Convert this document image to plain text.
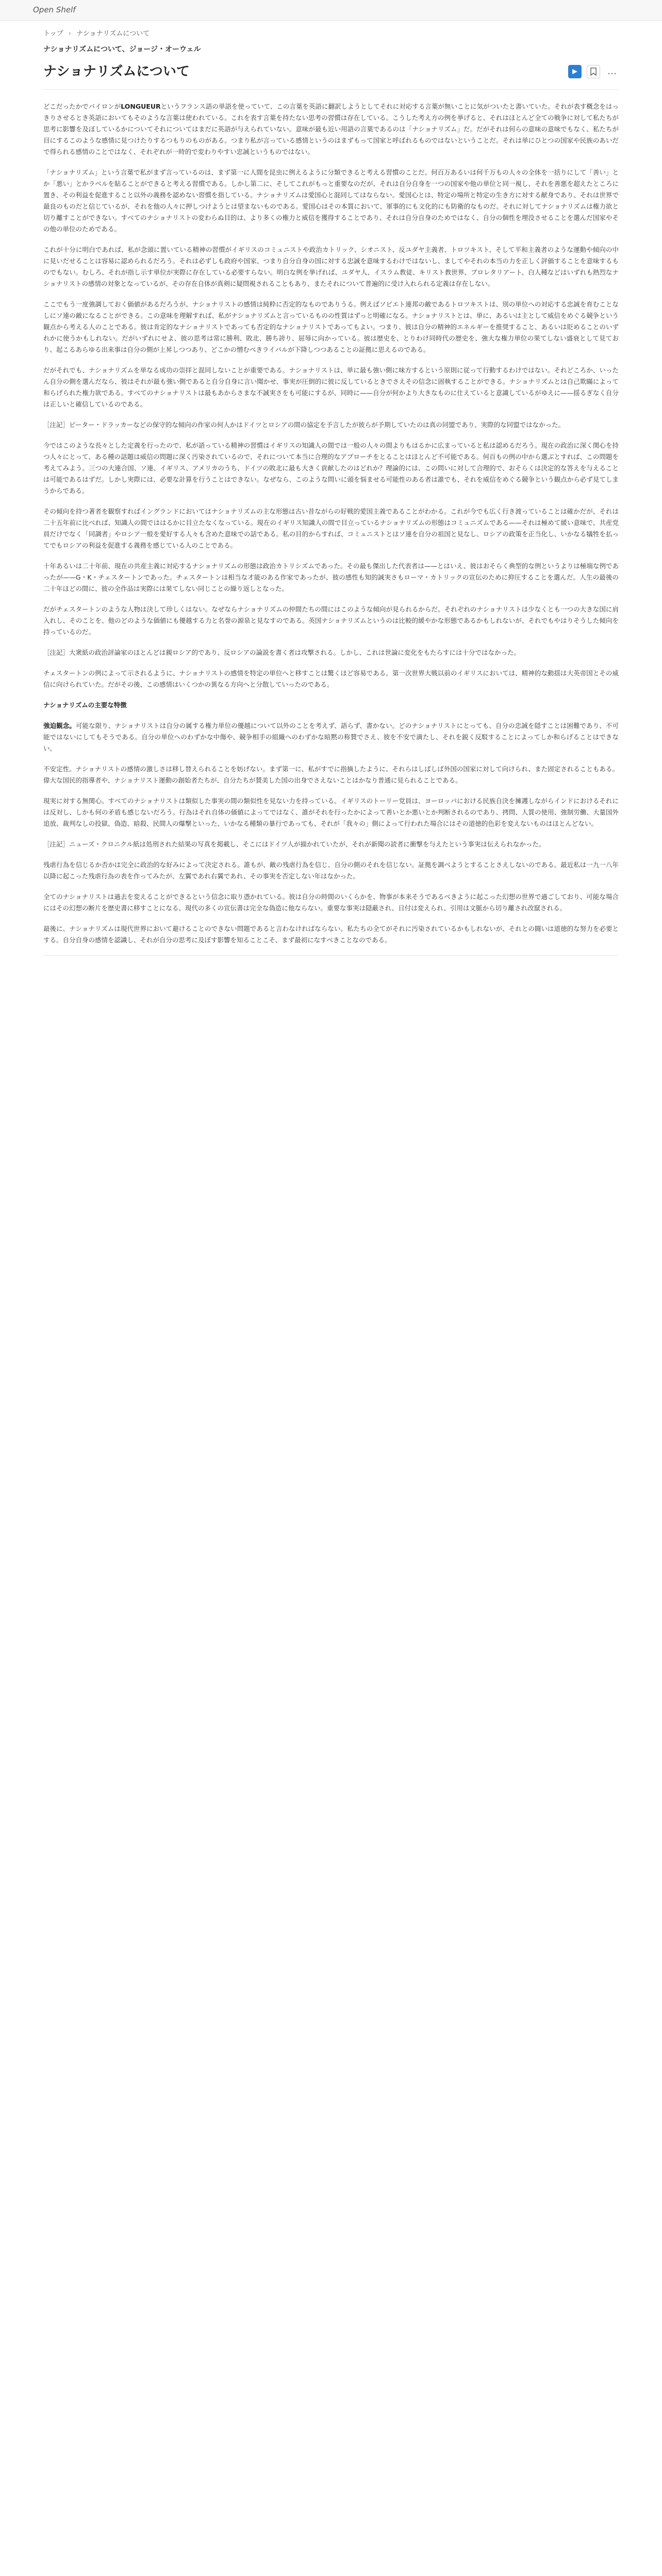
Open Shelf
トップ › ナショナリズムについて
ナショナリズムについて、ジョージ・オーウェル
ナショナリズムについて	…

どこだったかでバイロンがLONGUEURというフランス語の単語を使っていて、この言葉を英語に翻訳しようとしてそれに対応する言葉が無いことに気がついたと書いていた。それが表す概念をはっきりさせるとき英語においてもそのような言葉は使われている。これを表す言葉を持たない思考の習慣は存在している。こうした考え方の例を挙げると、それはほとんど全ての戦争に対して私たちが思考に影響を及ぼしているかについてそれについてはまだに英語が与えられていない。意味が最も近い用語の言葉であるのは「ナショナリズム」だ。だがそれは何らの意味の意味でもなく、私たちが目にするこのような感情に見つけたりするつもりのものがある。つまり私が言っている感情というのはまずもって国家と呼ばれるものではないということだ。それは単にひとつの国家や民族のあいだで得られる感情のことではなく、それぞれが一時的で変わりやすい忠誠というものではない。

「ナショナリズム」という言葉で私がまず言っているのは、まず第一に人間を昆虫に例えるように分類できると考える習慣のことだ。何百万あるいは何千万もの人々の全体を一括りにして「善い」とか「悪い」とかラベルを貼ることができると考える習慣である。しかし第二に、そしてこれがもっと重要なのだが、それは自分自身を一つの国家や他の単位と同一視し、それを善悪を超えたところに置き、その利益を促進すること以外の義務を認めない習慣を指している。ナショナリズムは愛国心と混同してはならない。愛国心とは、特定の場所と特定の生き方に対する献身であり、それは世界で最良のものだと信じているが、それを他の人々に押しつけようとは望まないものである。愛国心はその本質において、軍事的にも文化的にも防衛的なものだ。それに対してナショナリズムは権力欲と切り離すことができない。すべてのナショナリストの変わらぬ目的は、より多くの権力と威信を獲得することであり、それは自分自身のためではなく、自分の個性を埋没させることを選んだ国家やその他の単位のためである。

これが十分に明白であれば、私が念頭に置いている精神の習慣がイギリスのコミュニストや政治カトリック、シオニスト、反ユダヤ主義者、トロツキスト、そして平和主義者のような運動や傾向の中に見いだせることは容易に認められるだろう。それは必ずしも政府や国家、つまり自分自身の国に対する忠誠を意味するわけではないし、ましてやそれの本当の力を正しく評価することを意味するものでもない。むしろ、それが指し示す単位が実際に存在している必要すらない。明白な例を挙げれば、ユダヤ人、イスラム教徒、キリスト教世界、プロレタリアート、白人種などはいずれも熱烈なナショナリストの感情の対象となっているが、その存在自体が真剣に疑問視されることもあり、またそれについて普遍的に受け入れられる定義は存在しない。

ここでもう一度強調しておく価値があるだろうが、ナショナリストの感情は純粋に否定的なものでありうる。例えばソビエト連邦の敵であるトロツキストは、別の単位への対応する忠誠を育むことなしにソ連の敵になることができる。この意味を理解すれば、私がナショナリズムと言っているものの性質はずっと明確になる。ナショナリストとは、単に、あるいは主として威信をめぐる競争という観点から考える人のことである。彼は肯定的なナショナリストであっても否定的なナショナリストであってもよい。つまり、彼は自分の精神的エネルギーを推奨すること、あるいは貶めることのいずれかに使うかもしれない。だがいずれにせよ、彼の思考は常に勝利、敗北、勝ち誇り、屈辱に向かっている。彼は歴史を、とりわけ同時代の歴史を、強大な権力単位の果てしない盛衰として見ており、起こるあらゆる出来事は自分の側が上昇しつつあり、どこかの憎むべきライバルが下降しつつあることの証拠に思えるのである。

だがそれでも、ナショナリズムを単なる成功の崇拝と混同しないことが重要である。ナショナリストは、単に最も強い側に味方するという原則に従って行動するわけではない。それどころか、いったん自分の側を選んだなら、彼はそれが最も強い側であると自分自身に言い聞かせ、事実が圧倒的に彼に反しているときでさえその信念に固執することができる。ナショナリズムとは自己欺瞞によって和らげられた権力欲である。すべてのナショナリストは最もあからさまな不誠実さをも可能にするが、同時に——自分が何かより大きなものに仕えていると意識しているがゆえに——揺るぎなく自分は正しいと確信しているのである。

［注記］ピーター・ドラッカーなどの保守的な傾向の作家の何人かはドイツとロシアの間の協定を予言したが彼らが予期していたのは真の同盟であり、実際的な同盟ではなかった。

今ではこのような長々とした定義を行ったので、私が語っている精神の習慣はイギリスの知識人の間では一般の人々の間よりもはるかに広まっていると私は認めるだろう。現在の政治に深く関心を持つ人々にとって、ある種の話題は威信の問題に深く汚染されているので、それについて本当に合理的なアプローチをとることはほとんど不可能である。何百もの例の中から選ぶとすれば、この問題を考えてみよう。三つの大連合国、ソ連、イギリス、アメリカのうち、ドイツの敗北に最も大きく貢献したのはどれか？理論的には、この問いに対して合理的で、おそらくは決定的な答えを与えることは可能であるはずだ。しかし実際には、必要な計算を行うことはできない。なぜなら、このような問いに頭を悩ませる可能性のある者は誰でも、それを威信をめぐる競争という観点から必ず見てしまうからである。

その傾向を持つ著者を観察すればイングランドにおいてはナショナリズムの主な形態は古い昔ながらの好戦的愛国主義であることがわかる。これが今でも広く行き渡っていることは確かだが、それは二十五年前に比べれば、知識人の間でははるかに目立たなくなっている。現在のイギリス知識人の間で目立っているナショナリズムの形態はコミュニズムである——それは極めて緩い意味で、共産党員だけでなく「同調者」やロシア一般を愛好する人々も含めた意味での話である。私の目的からすれば、コミュニストとはソ連を自分の祖国と見なし、ロシアの政策を正当化し、いかなる犠牲を払ってでもロシアの利益を促進する義務を感じている人のことである。

十年あるいは二十年前、現在の共産主義に対応するナショナリズムの形態は政治カトリシズムであった。その最も傑出した代表者は——とはいえ、彼はおそらく典型的な例というよりは極端な例であったが——G・K・チェスタートンであった。チェスタートンは相当な才能のある作家であったが、彼の感性も知的誠実さもローマ・カトリックの宣伝のために抑圧することを選んだ。人生の最後の二十年ほどの間に、彼の全作品は実際には果てしない同じことの繰り返しとなった。

だがチェスタートンのような人物は決して珍しくはない。なぜならナショナリズムの仲間たちの間にはこのような傾向が見られるからだ。それぞれのナショナリストは少なくとも一つの大きな国に肩入れし、そのことを、他のどのような価値にも優越する力と名誉の源泉と見なすのである。英国ナショナリズムというのは比較的緩やかな形態であるかもしれないが、それでもやはりそうした傾向を持っているのだ。

［注記］大衆紙の政治評論家のほとんどは親ロシア的であり、反ロシアの論説を書く者は攻撃される。しかし、これは世論に変化をもたらすには十分ではなかった。

チェスタートンの例によって示されるように、ナショナリストの感情を特定の単位へと移すことは驚くほど容易である。第一次世界大戦以前のイギリスにおいては、精神的な動揺は大英帝国とその威信に向けられていた。だがその後、この感情はいくつかの異なる方向へと分散していったのである。

ナショナリズムの主要な特徴

強迫観念。可能な限り、ナショナリストは自分の属する権力単位の優越について以外のことを考えず、語らず、書かない。どのナショナリストにとっても、自分の忠誠を隠すことは困難であり、不可能ではないにしてもそうである。自分の単位へのわずかな中傷や、競争相手の組織へのわずかな暗黙の称賛でさえ、彼を不安で満たし、それを鋭く反駁することによってしか和らげることはできない。

不安定性。ナショナリストの感情の激しさは移し替えられることを妨げない。まず第一に、私がすでに指摘したように、それらはしばしば外国の国家に対して向けられ、また固定されることもある。偉大な国民的指導者や、ナショナリスト運動の創始者たちが、自分たちが賛美した国の出身でさえないことはかなり普通に見られることである。

現実に対する無関心。すべてのナショナリストは類似した事実の間の類似性を見ない力を持っている。イギリスのトーリー党員は、ヨーロッパにおける民族自決を擁護しながらインドにおけるそれには反対し、しかも何の矛盾も感じないだろう。行為はそれ自体の価値によってではなく、誰がそれを行ったかによって善いとか悪いとか判断されるのであり、拷問、人質の使用、強制労働、大量国外追放、裁判なしの投獄、偽造、暗殺、民間人の爆撃といった、いかなる種類の暴行であっても、それが「我々の」側によって行われた場合にはその道徳的色彩を変えないものはほとんどない。

［注記］ニューズ・クロニクル紙は処刑された結果の写真を掲載し、そこにはドイツ人が描かれていたが、それが新聞の読者に衝撃を与えたという事実は伝えられなかった。

残虐行為を信じるか否かは完全に政治的な好みによって決定される。誰もが、敵の残虐行為を信じ、自分の側のそれを信じない。証拠を調べようとすることさえしないのである。最近私は一九一八年以降に起こった残虐行為の表を作ってみたが、左翼であれ右翼であれ、その事実を否定しない年はなかった。

全てのナショナリストは過去を変えることができるという信念に取り憑かれている。彼は自分の時間のいくらかを、物事が本来そうであるべきように起こった幻想の世界で過ごしており、可能な場合にはその幻想の断片を歴史書に移すことになる。現代の多くの宣伝書は完全な偽造に他ならない。重要な事実は隠蔽され、日付は変えられ、引用は文脈から切り離され改竄される。

最後に、ナショナリズムは現代世界において避けることのできない問題であると言わなければならない。私たちの全てがそれに汚染されているかもしれないが、それとの闘いは道徳的な努力を必要とする。自分自身の感情を認識し、それが自分の思考に及ぼす影響を知ることこそ、まず最初になすべきことなのである。
